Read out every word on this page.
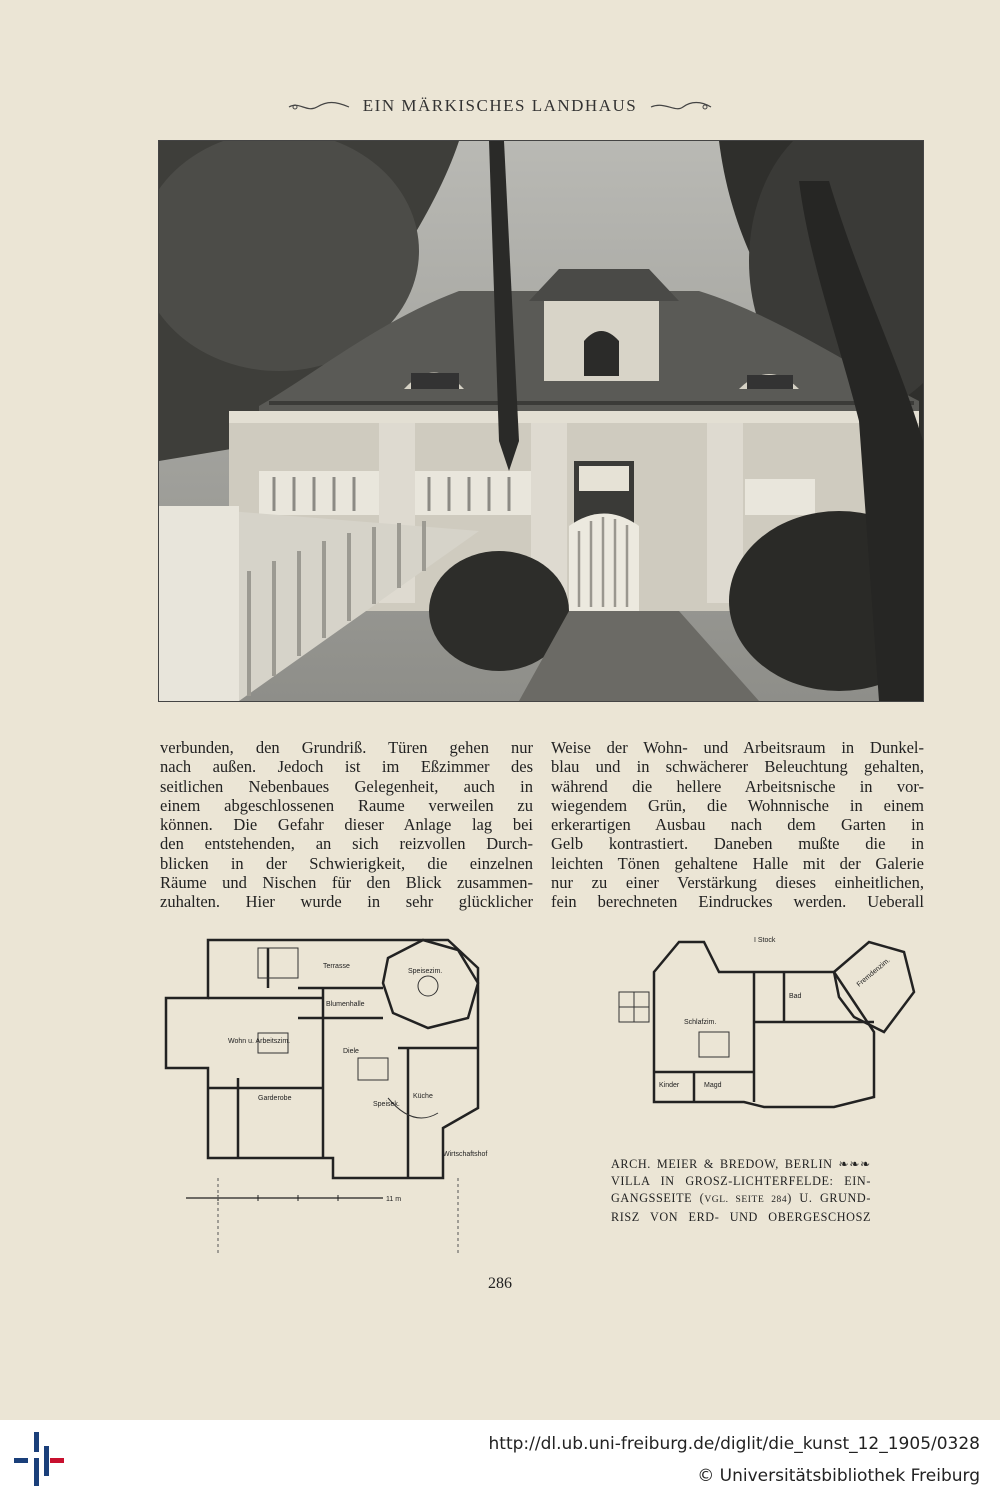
EIN MÄRKISCHES LANDHAUS

verbunden, den Grundriß. Türen gehen nur

nach außen. Jedoch ist im Eßzimmer des

seitlichen Nebenbaues Gelegenheit, auch in

einem abgeschlossenen Raume verweilen zu

können. Die Gefahr dieser Anlage lag bei

den entstehenden, an sich reizvollen Durch-

blicken in der Schwierigkeit, die einzelnen

Räume und Nischen für den Blick zusammen-

zuhalten. Hier wurde in sehr glücklicher

Weise der Wohn- und Arbeitsraum in Dunkel-

blau und in schwächerer Beleuchtung gehalten,

während die hellere Arbeitsnische in vor-

wiegendem Grün, die Wohnnische in einem

erkerartigen Ausbau nach dem Garten in

Gelb kontrastiert. Daneben mußte die in

leichten Tönen gehaltene Halle mit der Galerie

nur zu einer Verstärkung dieses einheitlichen,

fein berechneten Eindruckes werden. Ueberall

Terrasse
Blumenhalle
Speisezim.
Wohn u. Arbeitszim.
Diele
Garderobe
Speisek.
Küche
Wirtschaftshof
11 m
I Stock
Bad
Fremdenzim.
Schlafzim.
Kinder	Magd
ARCH. MEIER & BREDOW, BERLIN ❧❧❧
VILLA IN GROSZ-LICHTERFELDE: EIN-
GANGSSEITE (VGL. SEITE 284) U. GRUND-
RISZ VON ERD- UND OBERGESCHOSZ
286
http://dl.ub.uni-freiburg.de/diglit/die_kunst_12_1905/0328
© Universitätsbibliothek Freiburg
